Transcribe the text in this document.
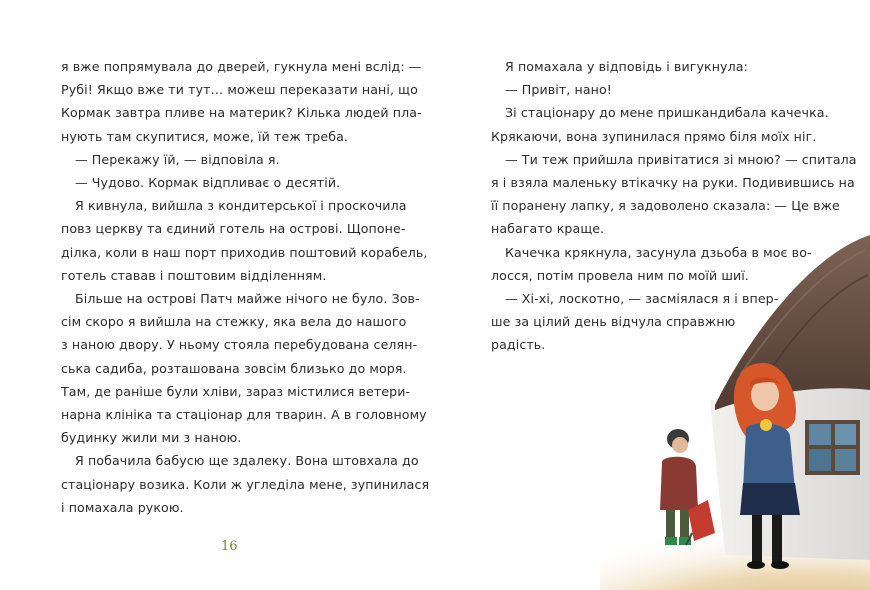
я вже попрямувала до дверей, гукнула мені вслід: —
Рубі! Якщо вже ти тут… можеш переказати нані, що
Кормак завтра пливе на материк? Кілька людей пла-
нують там скупитися, може, їй теж треба.
— Перекажу їй, — відповіла я.
— Чудово. Кормак відпливає о десятій.
Я кивнула, вийшла з кондитерської і проскочила
повз церкву та єдиний готель на острові. Щопоне-
ділка, коли в наш порт приходив поштовий корабель,
готель ставав і поштовим відділенням.
Більше на острові Патч майже нічого не було. Зов-
сім скоро я вийшла на стежку, яка вела до нашого
з наною двору. У ньому стояла перебудована селян-
ська садиба, розташована зовсім близько до моря.
Там, де раніше були хліви, зараз містилися ветери-
нарна клініка та стаціонар для тварин. А в головному
будинку жили ми з наною.
Я побачила бабусю ще здалеку. Вона штовхала до
стаціонару возика. Коли ж угледіла мене, зупинилася
і помахала рукою.
16
Я помахала у відповідь і вигукнула:
— Привіт, нано!
Зі стаціонару до мене пришкандибала качечка.
Крякаючи, вона зупинилася прямо біля моїх ніг.
— Ти теж прийшла привітатися зі мною? — спитала
я і взяла маленьку втікачку на руки. Подивившись на
її поранену лапку, я задоволено сказала: — Це вже
набагато краще.
Качечка крякнула, засунула дзьоба в моє во-
лосся, потім провела ним по моїй шиї.
— Хі-хі, лоскотно, — засміялася я і впер-
ше за цілий день відчула справжню
радість.
